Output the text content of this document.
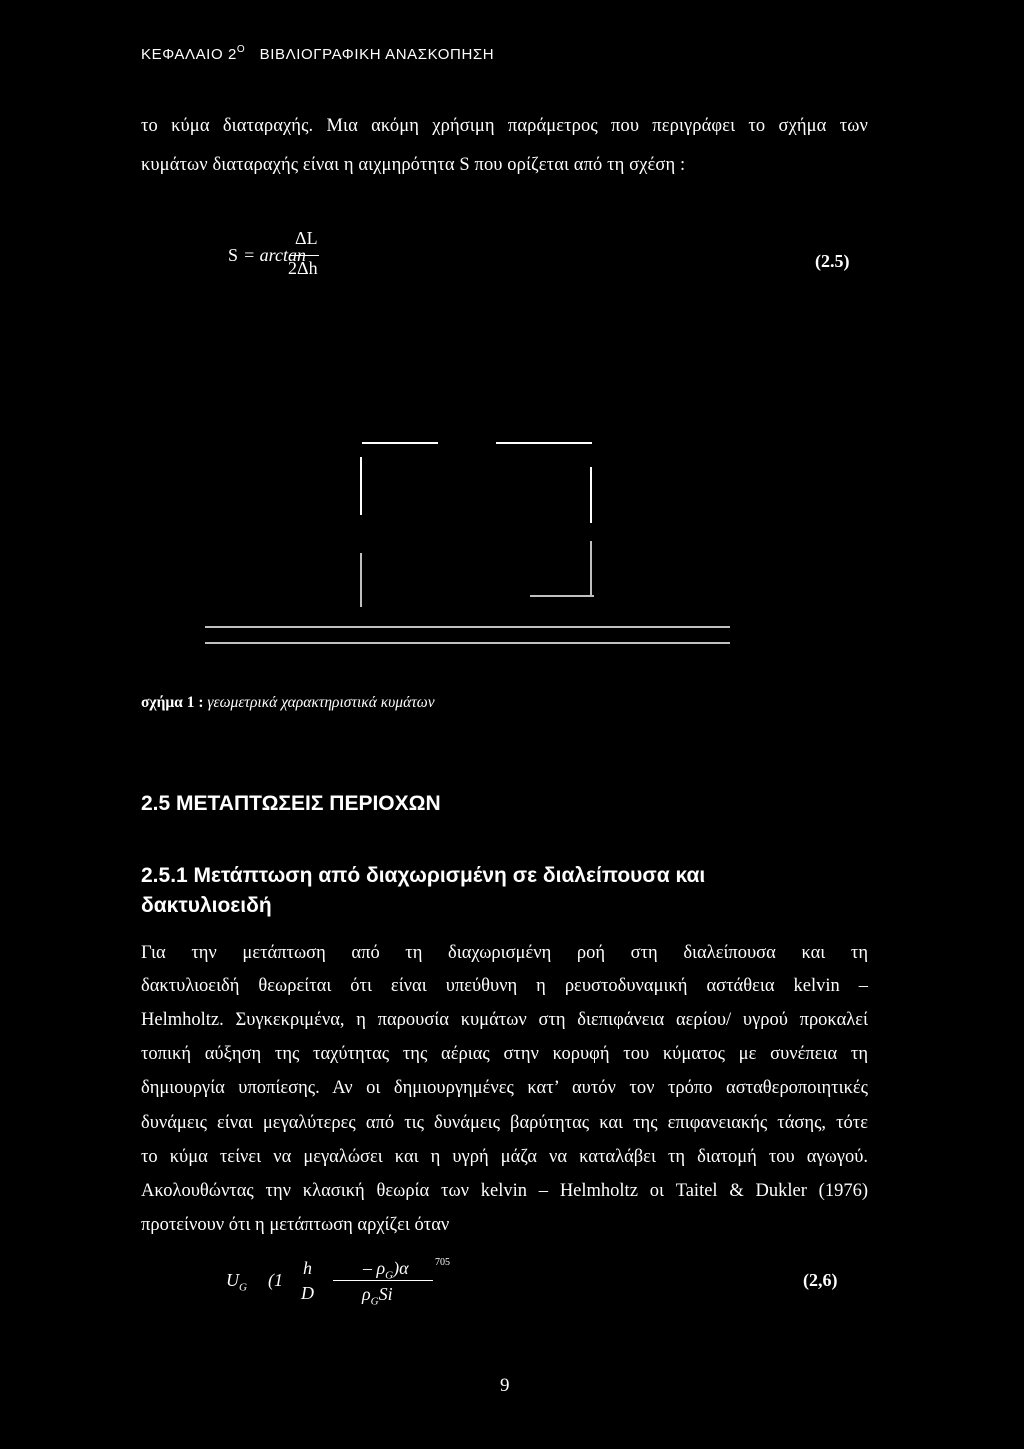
ΚΕΦΑΛΑΙΟ $2^O$ ΒΙΒΛΙΟΓΡΑΦΙΚΗ ΑΝΑΣΚΟΠΗΣΗ
το κύμα διαταραχής. Μια ακόμη χρήσιμη παράμετρος που περιγράφει το σχήμα των
κυμάτων διαταραχής είναι η αιχμηρότητα S που ορίζεται από τη σχέση :
S = arctan
ΔL
2Δh	(2.5)
σχήμα 1 : γεωμετρικά χαρακτηριστικά κυμάτων
2.5 ΜΕΤΑΠΤΩΣΕΙΣ ΠΕΡΙΟΧΩΝ
2.5.1 Μετάπτωση από διαχωρισμένη σε διαλείπουσα και
δακτυλιοειδή
Για την μετάπτωση από τη διαχωρισμένη ροή στη διαλείπουσα και τη
δακτυλιοειδή θεωρείται ότι είναι υπεύθυνη η ρευστοδυναμική αστάθεια kelvin –
Helmholtz. Συγκεκριμένα, η παρουσία κυμάτων στη διεπιφάνεια αερίου/ υγρού προκαλεί
τοπική αύξηση της ταχύτητας της αέριας στην κορυφή του κύματος με συνέπεια τη
δημιουργία υποπίεσης. Αν οι δημιουργημένες κατ’ αυτόν τον τρόπο ασταθεροποιητικές
δυνάμεις είναι μεγαλύτερες από τις δυνάμεις βαρύτητας και της επιφανειακής τάσης, τότε
το κύμα τείνει να μεγαλώσει και η υγρή μάζα να καταλάβει τη διατομή του αγωγού.
Ακολουθώντας την κλασική θεωρία των kelvin – Helmholtz οι Taitel & Dukler (1976)
προτείνουν ότι η μετάπτωση αρχίζει όταν
$U_G$ (1
h
D
– $\rho_G)\alpha$	705
$\rho_GSi$
(2,6)
9
